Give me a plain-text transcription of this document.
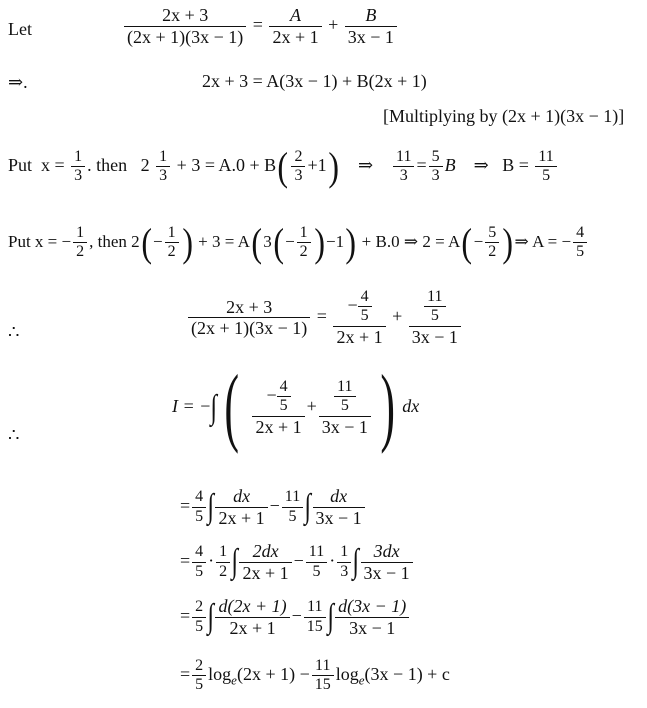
Let	$\frac{2x + 3}{(2x + 1)(3x - 1)} = \frac{A}{2x + 1} + \frac{B}{3x - 1}$
⇒.	2x + 3 = A(3x − 1) + B(2x + 1)
[Multiplying by (2x + 1)(3x − 1)]
Put $x = \frac{1}{3}$ . then $2 \frac{1}{3} + 3 = A.0 + B( \frac{2}{3} +1)$ ⇒ $\frac{11}{3} = \frac{5}{3}$ B ⇒ $B = \frac{11}{5}$
Put x = − $\frac{1}{2}$ , then $2(- \frac{1}{2}$ ) + $3 = A(3(- \frac{1}{2} )-1) + B.0$ ⇒ $2 = A(- \frac{5}{2}$ )⇒ A = − $\frac{4}{5}$
∴	$\frac{2x + 3}{(2x + 1)(3x - 1)} = \frac{- \frac{4}{5}}{2x + 1} + \frac{\frac{11}{5}}{3x - 1}$
∴
I = −∫( $\frac{- \frac{4}{5}}{2x + 1} + \frac{\frac{11}{5}}{3x - 1}$ ) dx
= $\frac{4}{5}$ ∫ $\frac{dx}{2x + 1} - \frac{11}{5}$ ∫ $\frac{dx}{3x - 1}$
= $\frac{4}{5} \cdot \frac{1}{2}$ ∫ $\frac{2dx}{2x + 1} - \frac{11}{5} \cdot \frac{1}{3}$ ∫ $\frac{3dx}{3x - 1}$
= $\frac{2}{5}$ ∫ $\frac{d(2x + 1)}{2x + 1} - \frac{11}{15}$ ∫ $\frac{d(3x - 1)}{3x - 1}$
= $\frac{2}{5} \log_e(2x + 1) - \frac{11}{15} \log_e(3x - 1) + c$
